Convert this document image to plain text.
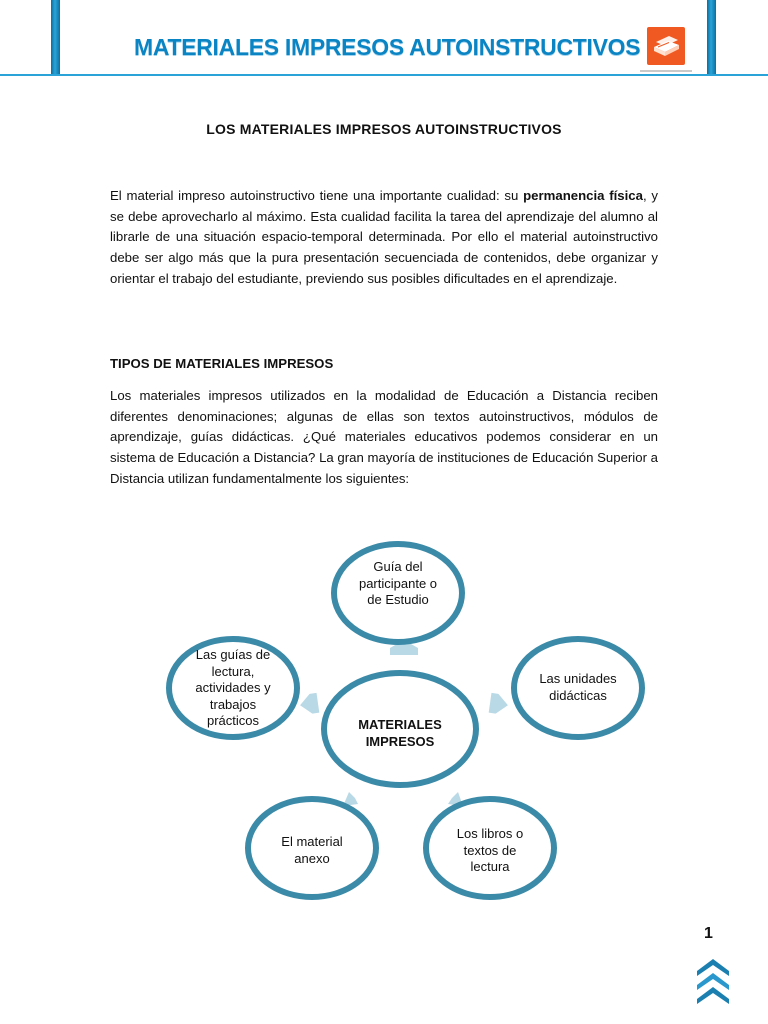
MATERIALES IMPRESOS AUTOINSTRUCTIVOS
LOS MATERIALES IMPRESOS AUTOINSTRUCTIVOS
El material impreso autoinstructivo tiene una importante cualidad: su permanencia física, y se debe aprovecharlo al máximo. Esta cualidad facilita la tarea del aprendizaje del alumno al librarle de una situación espacio-temporal determinada. Por ello el material autoinstructivo debe ser algo más que la pura presentación secuenciada de contenidos, debe organizar y orientar el trabajo del estudiante, previendo sus posibles dificultades en el aprendizaje.
TIPOS DE MATERIALES IMPRESOS
Los materiales impresos utilizados en la modalidad de Educación a Distancia reciben diferentes denominaciones; algunas de ellas son textos autoinstructivos, módulos de aprendizaje, guías didácticas. ¿Qué materiales educativos podemos considerar en un sistema de Educación a Distancia? La gran mayoría de instituciones de Educación Superior a Distancia utilizan fundamentalmente los siguientes:
MATERIALES
IMPRESOS
Guía del
participante o
de Estudio
Las unidades
didácticas
Los libros o
textos de
lectura
El material
anexo
Las guías de
lectura,
actividades y
trabajos
prácticos
1
